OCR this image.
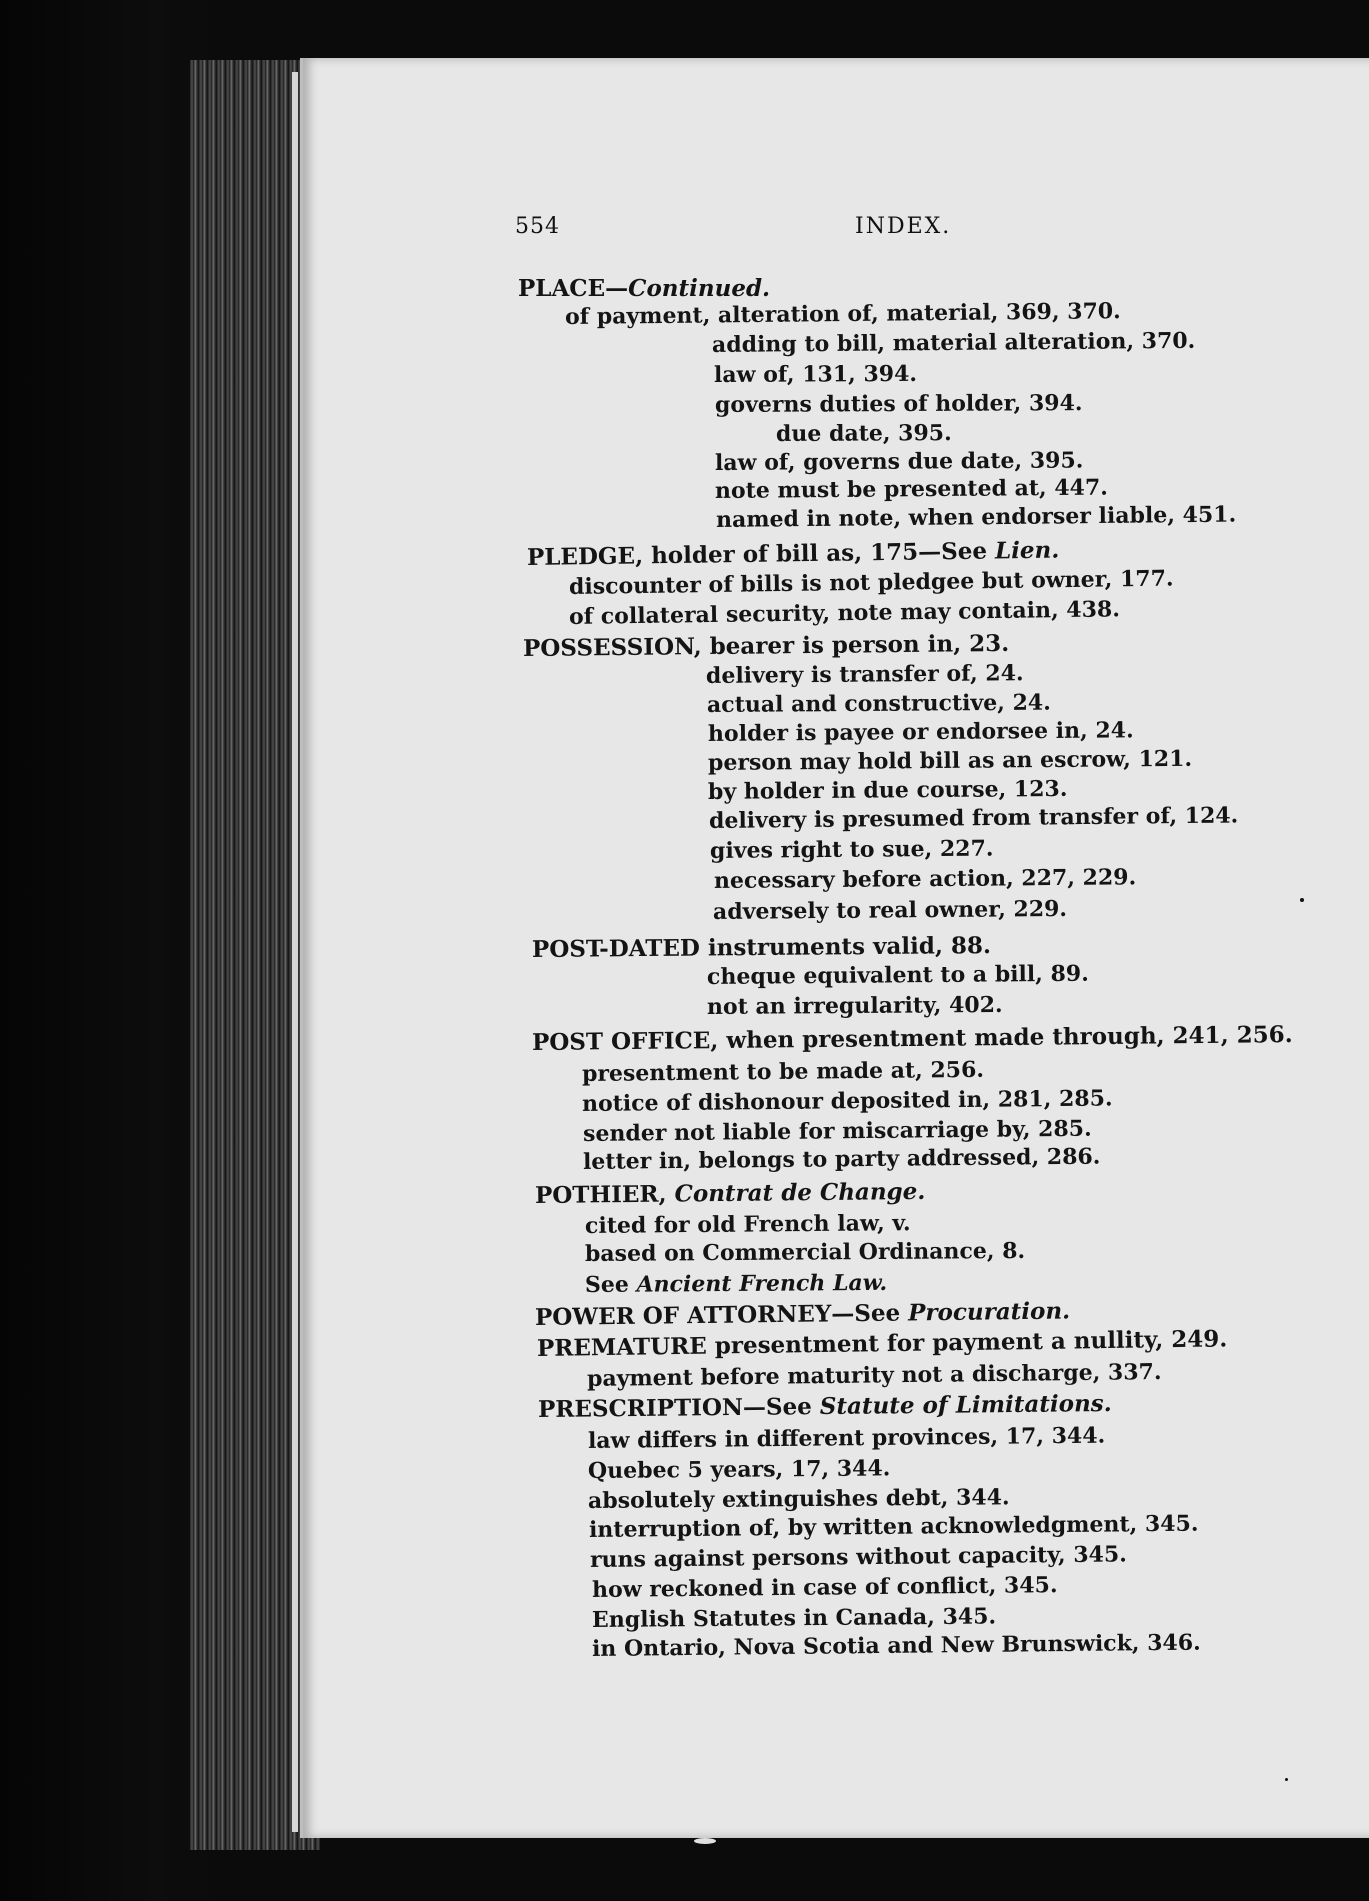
554	INDEX.
PLACE—Continued.
of payment, alteration of, material, 369, 370.
adding to bill, material alteration, 370.
law of, 131, 394.
governs duties of holder, 394.
due date, 395.
law of, governs due date, 395.
note must be presented at, 447.
named in note, when endorser liable, 451.
PLEDGE, holder of bill as, 175—See Lien.
discounter of bills is not pledgee but owner, 177.
of collateral security, note may contain, 438.
POSSESSION, bearer is person in, 23.
delivery is transfer of, 24.
actual and constructive, 24.
holder is payee or endorsee in, 24.
person may hold bill as an escrow, 121.
by holder in due course, 123.
delivery is presumed from transfer of, 124.
gives right to sue, 227.
necessary before action, 227, 229.
adversely to real owner, 229.
POST-DATED instruments valid, 88.
cheque equivalent to a bill, 89.
not an irregularity, 402.
POST OFFICE, when presentment made through, 241, 256.
presentment to be made at, 256.
notice of dishonour deposited in, 281, 285.
sender not liable for miscarriage by, 285.
letter in, belongs to party addressed, 286.
POTHIER, Contrat de Change.
cited for old French law, v.
based on Commercial Ordinance, 8.
See Ancient French Law.
POWER OF ATTORNEY—See Procuration.
PREMATURE presentment for payment a nullity, 249.
payment before maturity not a discharge, 337.
PRESCRIPTION—See Statute of Limitations.
law differs in different provinces, 17, 344.
Quebec 5 years, 17, 344.
absolutely extinguishes debt, 344.
interruption of, by written acknowledgment, 345.
runs against persons without capacity, 345.
how reckoned in case of conflict, 345.
English Statutes in Canada, 345.
in Ontario, Nova Scotia and New Brunswick, 346.
